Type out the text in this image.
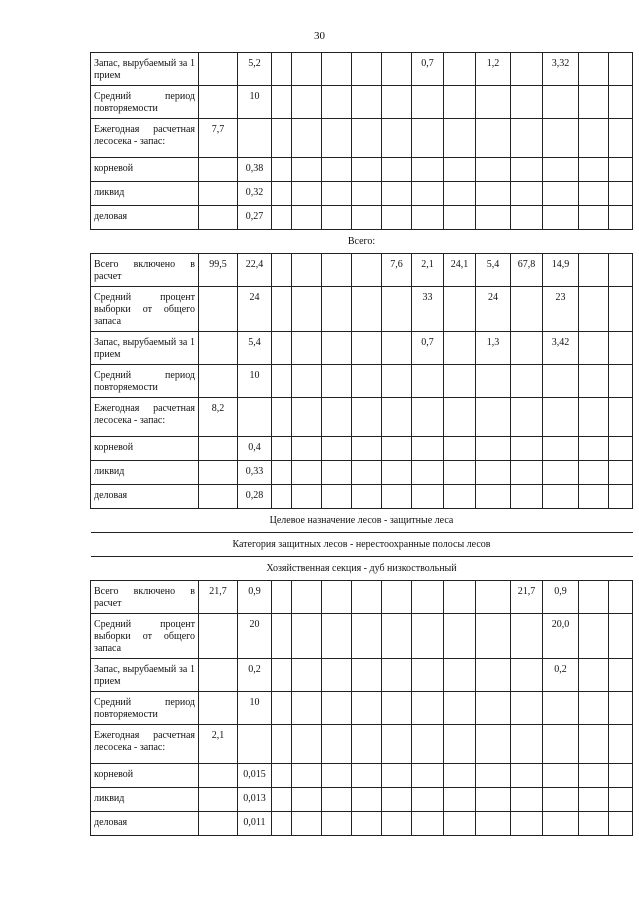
30
Запас, вырубаемый за 1 прием		5,2						0,7		1,2		3,32		
Средний период повторяемости		10												
Ежегодная расчетная лесосека - запас:	7,7													
корневой		0,38												
ликвид		0,32												
деловая		0,27												
Всего:														
Всего включено в расчет	99,5	22,4					7,6	2,1	24,1	5,4	67,8	14,9		
Средний процент выборки от общего запаса		24						33		24		23		
Запас, вырубаемый за 1 прием		5,4						0,7		1,3		3,42		
Средний период повторяемости		10												
Ежегодная расчетная лесосека - запас:	8,2													
корневой		0,4												
ликвид		0,33												
деловая		0,28												
Целевое назначение лесов - защитные леса														
Категория защитных лесов - нерестоохранные полосы лесов														
Хозяйственная секция - дуб низкоствольный														
Всего включено в расчет	21,7	0,9									21,7	0,9		
Средний процент выборки от общего запаса		20										20,0		
Запас, вырубаемый за 1 прием		0,2										0,2		
Средний период повторяемости		10												
Ежегодная расчетная лесосека - запас:	2,1													
корневой		0,015												
ликвид		0,013												
деловая		0,011												
